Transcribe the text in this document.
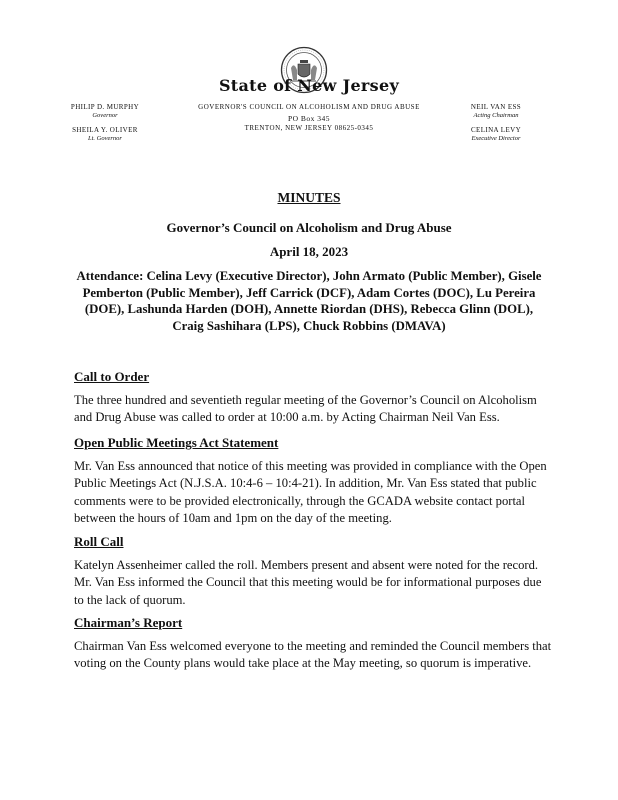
State of New Jersey
GOVERNOR'S COUNCIL ON ALCOHOLISM AND DRUG ABUSE
PO Box 345
TRENTON, NEW JERSEY 08625-0345
PHILIP D. MURPHY
Governor
SHEILA Y. OLIVER
Lt. Governor
NEIL VAN ESS
Acting Chairman
CELINA LEVY
Executive Director
MINUTES
Governor’s Council on Alcoholism and Drug Abuse
April 18, 2023
Attendance: Celina Levy (Executive Director), John Armato (Public Member), Gisele Pemberton (Public Member), Jeff Carrick (DCF), Adam Cortes (DOC), Lu Pereira (DOE), Lashunda Harden (DOH), Annette Riordan (DHS), Rebecca Glinn (DOL), Craig Sashihara (LPS), Chuck Robbins (DMAVA)
Call to Order
The three hundred and seventieth regular meeting of the Governor’s Council on Alcoholism and Drug Abuse was called to order at 10:00 a.m. by Acting Chairman Neil Van Ess.
Open Public Meetings Act Statement
Mr. Van Ess announced that notice of this meeting was provided in compliance with the Open Public Meetings Act (N.J.S.A. 10:4-6 – 10:4-21). In addition, Mr. Van Ess stated that public comments were to be provided electronically, through the GCADA website contact portal between the hours of 10am and 1pm on the day of the meeting.
Roll Call
Katelyn Assenheimer called the roll. Members present and absent were noted for the record. Mr. Van Ess informed the Council that this meeting would be for informational purposes due to the lack of quorum.
Chairman’s Report
Chairman Van Ess welcomed everyone to the meeting and reminded the Council members that voting on the County plans would take place at the May meeting, so quorum is imperative.
